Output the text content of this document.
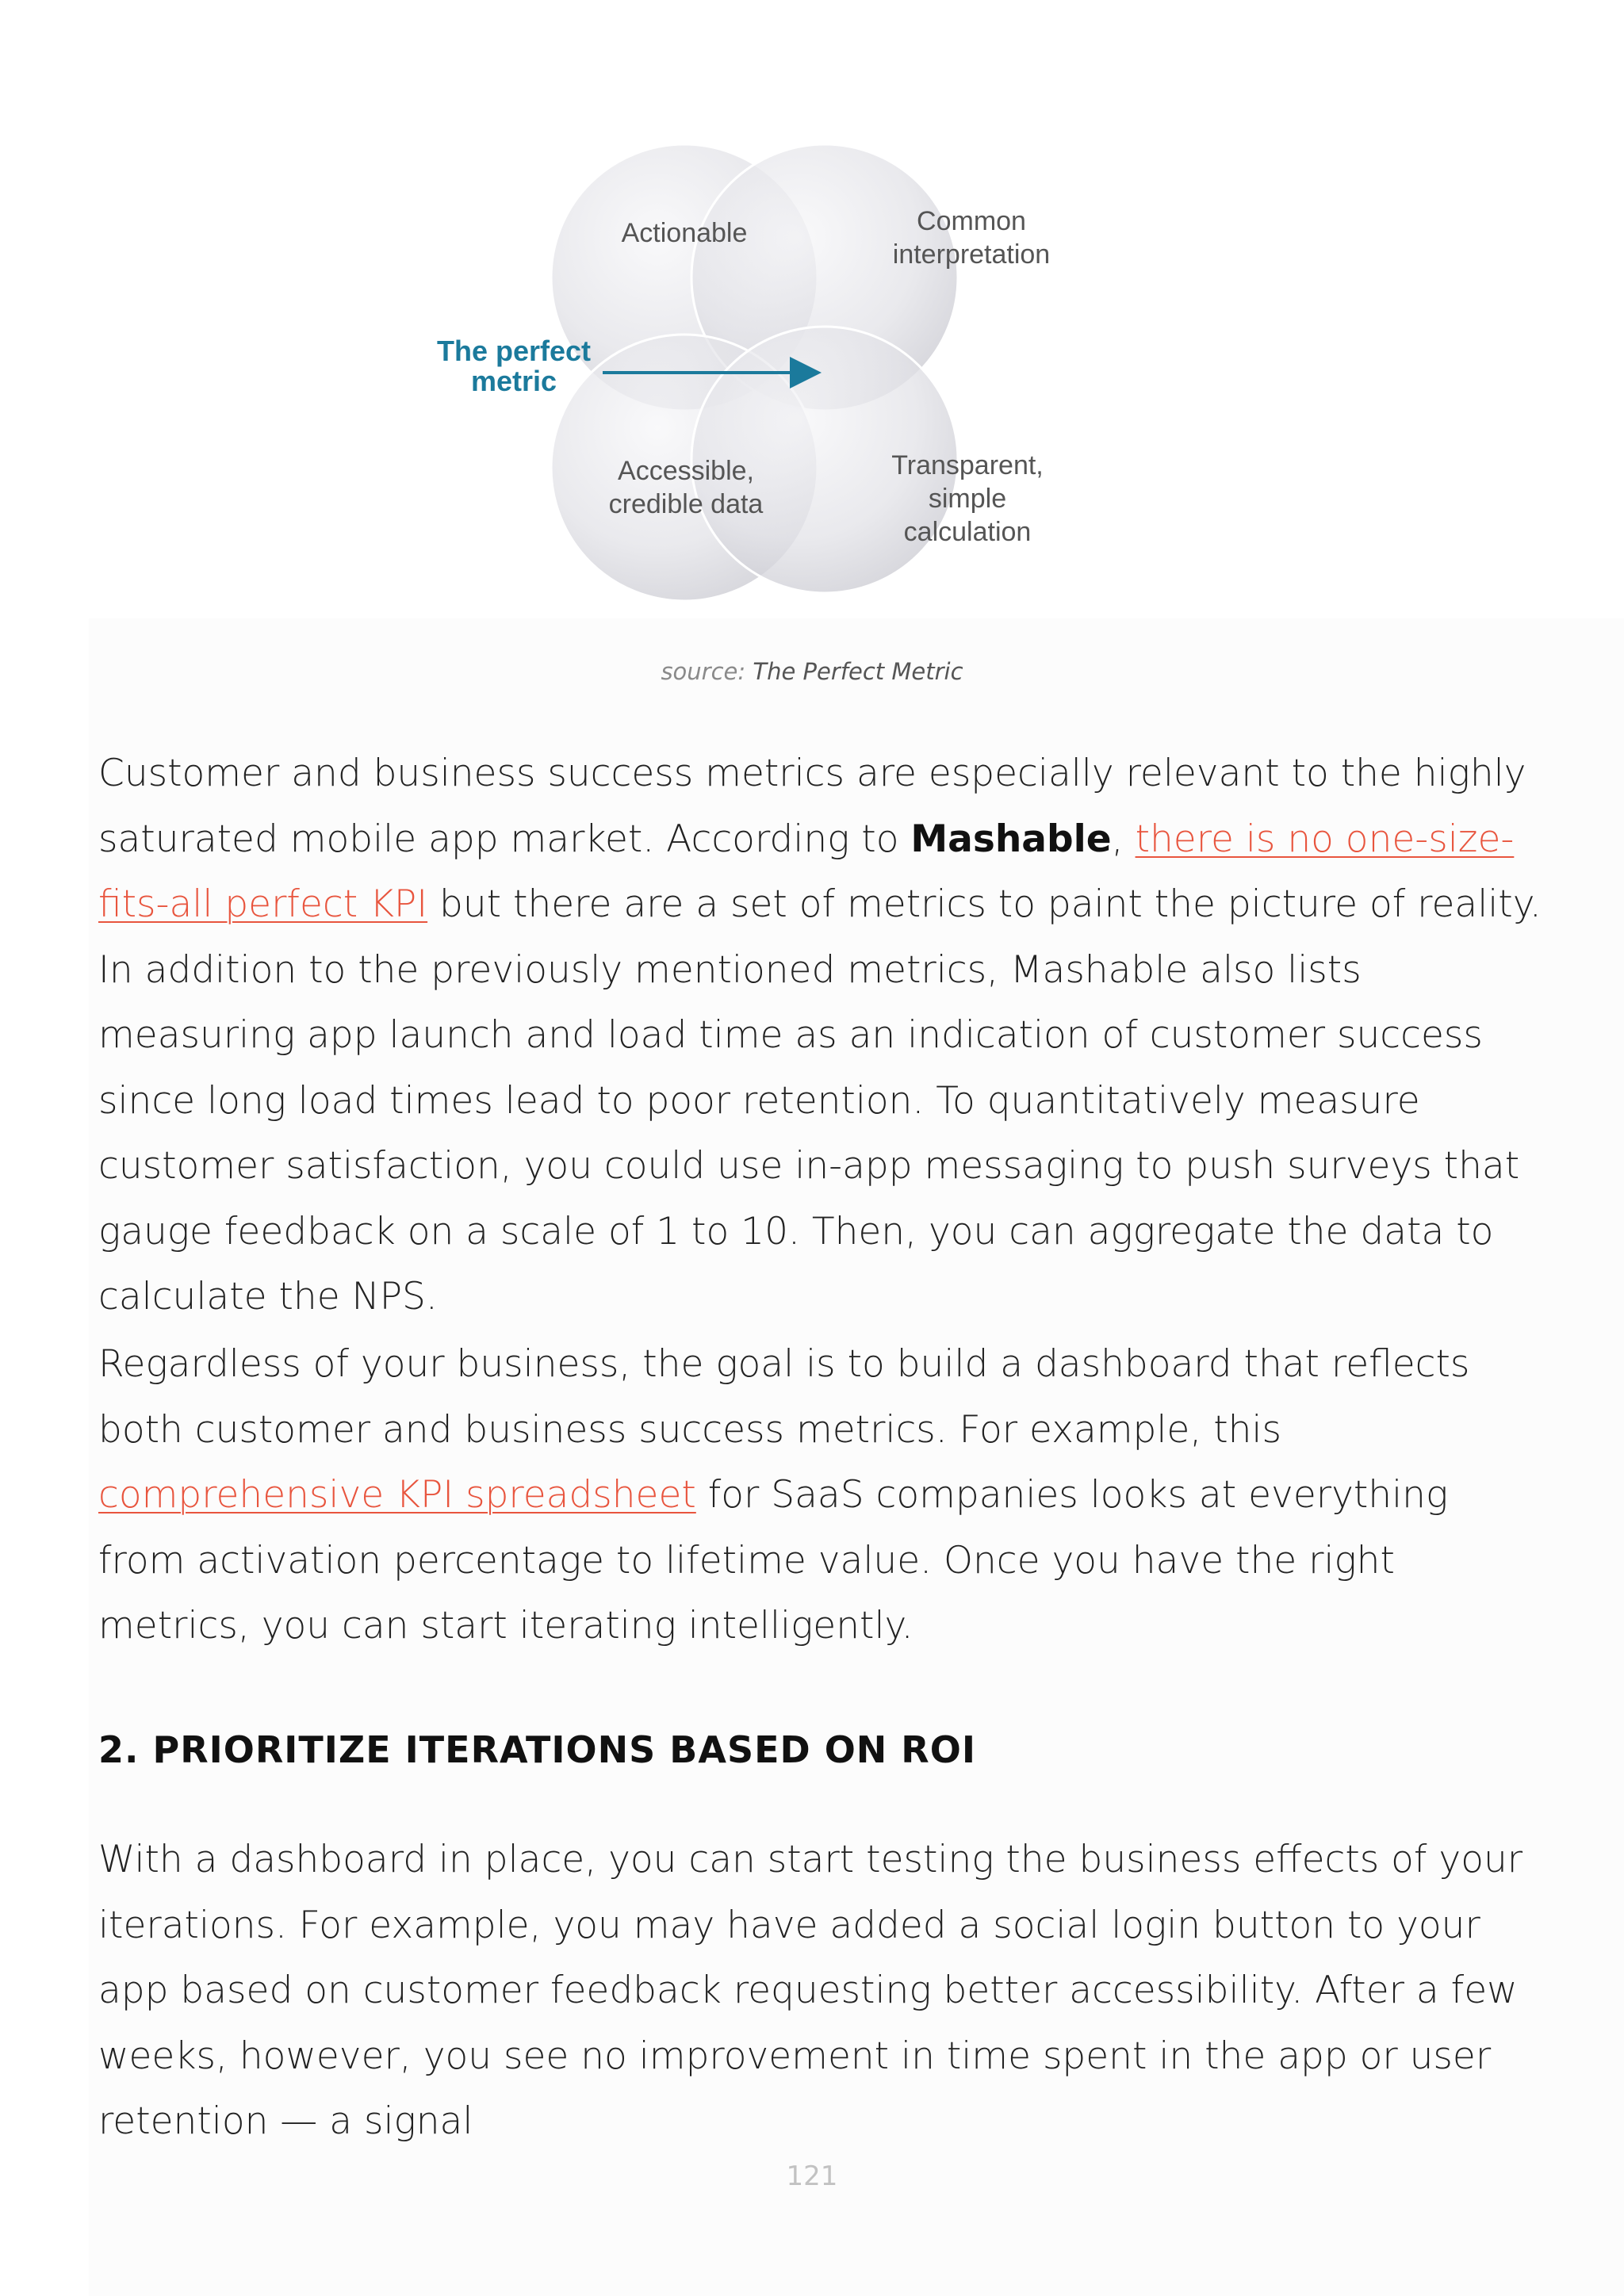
Actionable	Common
interpretation
Accessible,
credible data
Transparent,
simple
calculation
The perfect
metric
source: The Perfect Metric

Customer and business success metrics are especially relevant to the highly saturated mobile app market. According to Mashable, there is no one-size-fits-all perfect KPI but there are a set of metrics to paint the picture of reality. In addition to the previously mentioned metrics, Mashable also lists measuring app launch and load time as an indication of customer success since long load times lead to poor retention. To quantitatively measure customer satisfaction, you could use in-app messaging to push surveys that gauge feedback on a scale of 1 to 10. Then, you can aggregate the data to calculate the NPS.

Regardless of your business, the goal is to build a dashboard that reflects both customer and business success metrics. For example, this comprehensive KPI spreadsheet for SaaS companies looks at everything from activation percentage to lifetime value. Once you have the right metrics, you can start iterating intelligently.

2. PRIORITIZE ITERATIONS BASED ON ROI

With a dashboard in place, you can start testing the business effects of your iterations. For example, you may have added a social login button to your app based on customer feedback requesting better accessibility. After a few weeks, however, you see no improvement in time spent in the app or user retention — a signal

121
